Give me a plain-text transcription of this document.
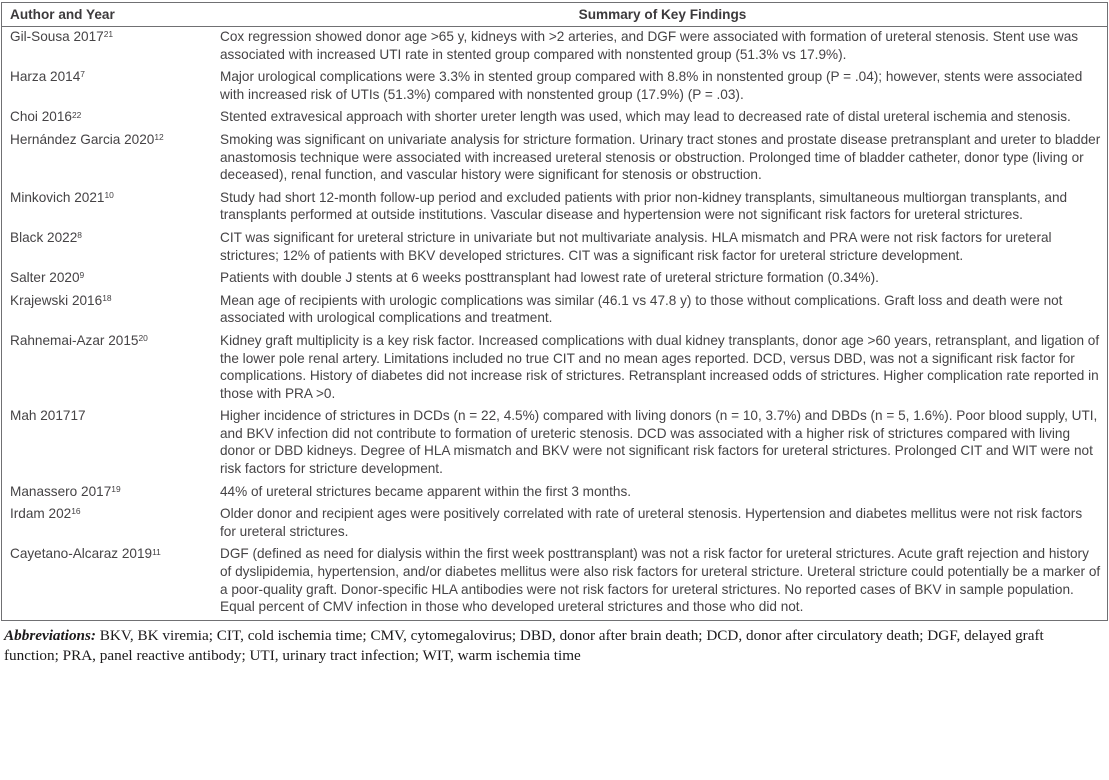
Author and Year	Summary of Key Findings
Gil-Sousa 2017$^{21}$	Cox regression showed donor age >65 y, kidneys with >2 arteries, and DGF were associated with formation of ureteral stenosis. Stent use was associated with increased UTI rate in stented group compared with nonstented group (51.3% vs 17.9%).
Harza 2014$^7$	Major urological complications were 3.3% in stented group compared with 8.8% in nonstented group (P = .04); however, stents were associated with increased risk of UTIs (51.3%) compared with nonstented group (17.9%) (P = .03).
Choi 2016$^{22}$	Stented extravesical approach with shorter ureter length was used, which may lead to decreased rate of distal ureteral ischemia and stenosis.
Hernández Garcia 2020$^{12}$	Smoking was significant on univariate analysis for stricture formation. Urinary tract stones and prostate disease pretransplant and ureter to bladder anastomosis technique were associated with increased ureteral stenosis or obstruction. Prolonged time of bladder catheter, donor type (living or deceased), renal function, and vascular history were significant for stenosis or obstruction.
Minkovich 2021$^{10}$	Study had short 12-month follow-up period and excluded patients with prior non-kidney transplants, simultaneous multiorgan transplants, and transplants performed at outside institutions. Vascular disease and hypertension were not significant risk factors for ureteral strictures.
Black 2022$^8$	CIT was significant for ureteral stricture in univariate but not multivariate analysis. HLA mismatch and PRA were not risk factors for ureteral strictures; 12% of patients with BKV developed strictures. CIT was a significant risk factor for ureteral stricture development.
Salter 2020$^9$	Patients with double J stents at 6 weeks posttransplant had lowest rate of ureteral stricture formation (0.34%).
Krajewski 2016$^{18}$	Mean age of recipients with urologic complications was similar (46.1 vs 47.8 y) to those without complications. Graft loss and death were not associated with urological complications and treatment.
Rahnemai-Azar 2015$^{20}$	Kidney graft multiplicity is a key risk factor. Increased complications with dual kidney transplants, donor age >60 years, retransplant, and ligation of the lower pole renal artery. Limitations included no true CIT and no mean ages reported. DCD, versus DBD, was not a significant risk factor for complications. History of diabetes did not increase risk of strictures. Retransplant increased odds of strictures. Higher complication rate reported in those with PRA >0.
Mah 201717	Higher incidence of strictures in DCDs (n = 22, 4.5%) compared with living donors (n = 10, 3.7%) and DBDs (n = 5, 1.6%). Poor blood supply, UTI, and BKV infection did not contribute to formation of ureteric stenosis. DCD was associated with a higher risk of strictures compared with living donor or DBD kidneys. Degree of HLA mismatch and BKV were not significant risk factors for ureteral strictures. Prolonged CIT and WIT were not risk factors for stricture development.
Manassero 2017$^{19}$	44% of ureteral strictures became apparent within the first 3 months.
Irdam 202$^{16}$	Older donor and recipient ages were positively correlated with rate of ureteral stenosis. Hypertension and diabetes mellitus were not risk factors for ureteral strictures.
Cayetano-Alcaraz 2019$^{11}$	DGF (defined as need for dialysis within the first week posttransplant) was not a risk factor for ureteral strictures. Acute graft rejection and history of dyslipidemia, hypertension, and/or diabetes mellitus were also risk factors for ureteral stricture. Ureteral stricture could potentially be a marker of a poor-quality graft. Donor-specific HLA antibodies were not risk factors for ureteral strictures. No reported cases of BKV in sample population. Equal percent of CMV infection in those who developed ureteral strictures and those who did not.
Abbreviations: BKV, BK viremia; CIT, cold ischemia time; CMV, cytomegalovirus; DBD, donor after brain death; DCD, donor after circulatory death; DGF, delayed graft function; PRA, panel reactive antibody; UTI, urinary tract infection; WIT, warm ischemia time
